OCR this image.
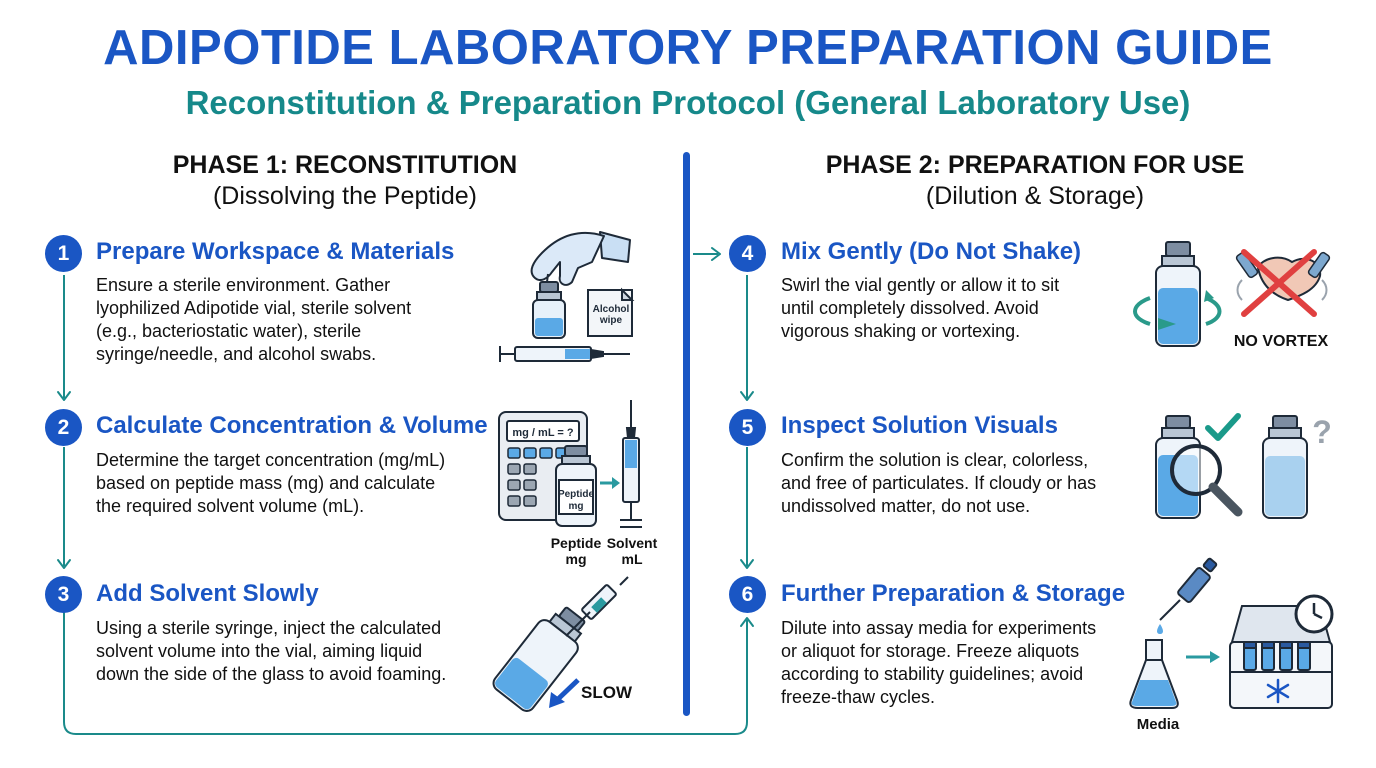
ADIPOTIDE LABORATORY PREPARATION GUIDE
Reconstitution & Preparation Protocol (General Laboratory Use)
PHASE 1: RECONSTITUTION
(Dissolving the Peptide)
PHASE 2: PREPARATION FOR USE
(Dilution & Storage)
1	Prepare Workspace & Materials
Ensure a sterile environment. Gather
lyophilized Adipotide vial, sterile solvent
(e.g., bacteriostatic water), sterile
syringe/needle, and alcohol swabs.
2	Calculate Concentration & Volume
Determine the target concentration (mg/mL)
based on peptide mass (mg) and calculate
the required solvent volume (mL).
3	Add Solvent Slowly
Using a sterile syringe, inject the calculated
solvent volume into the vial, aiming liquid
down the side of the glass to avoid foaming.
4	Mix Gently (Do Not Shake)
Swirl the vial gently or allow it to sit
until completely dissolved. Avoid
vigorous shaking or vortexing.
5	Inspect Solution Visuals
Confirm the solution is clear, colorless,
and free of particulates. If cloudy or has
undissolved matter, do not use.
6	Further Preparation & Storage
Dilute into assay media for experiments
or aliquot for storage. Freeze aliquots
according to stability guidelines; avoid
freeze-thaw cycles.
Alcohol
wipe
mg / mL = ?
Peptide
mg
Peptide
mg
Solvent
mL
SLOW
NO VORTEX
?
Media
